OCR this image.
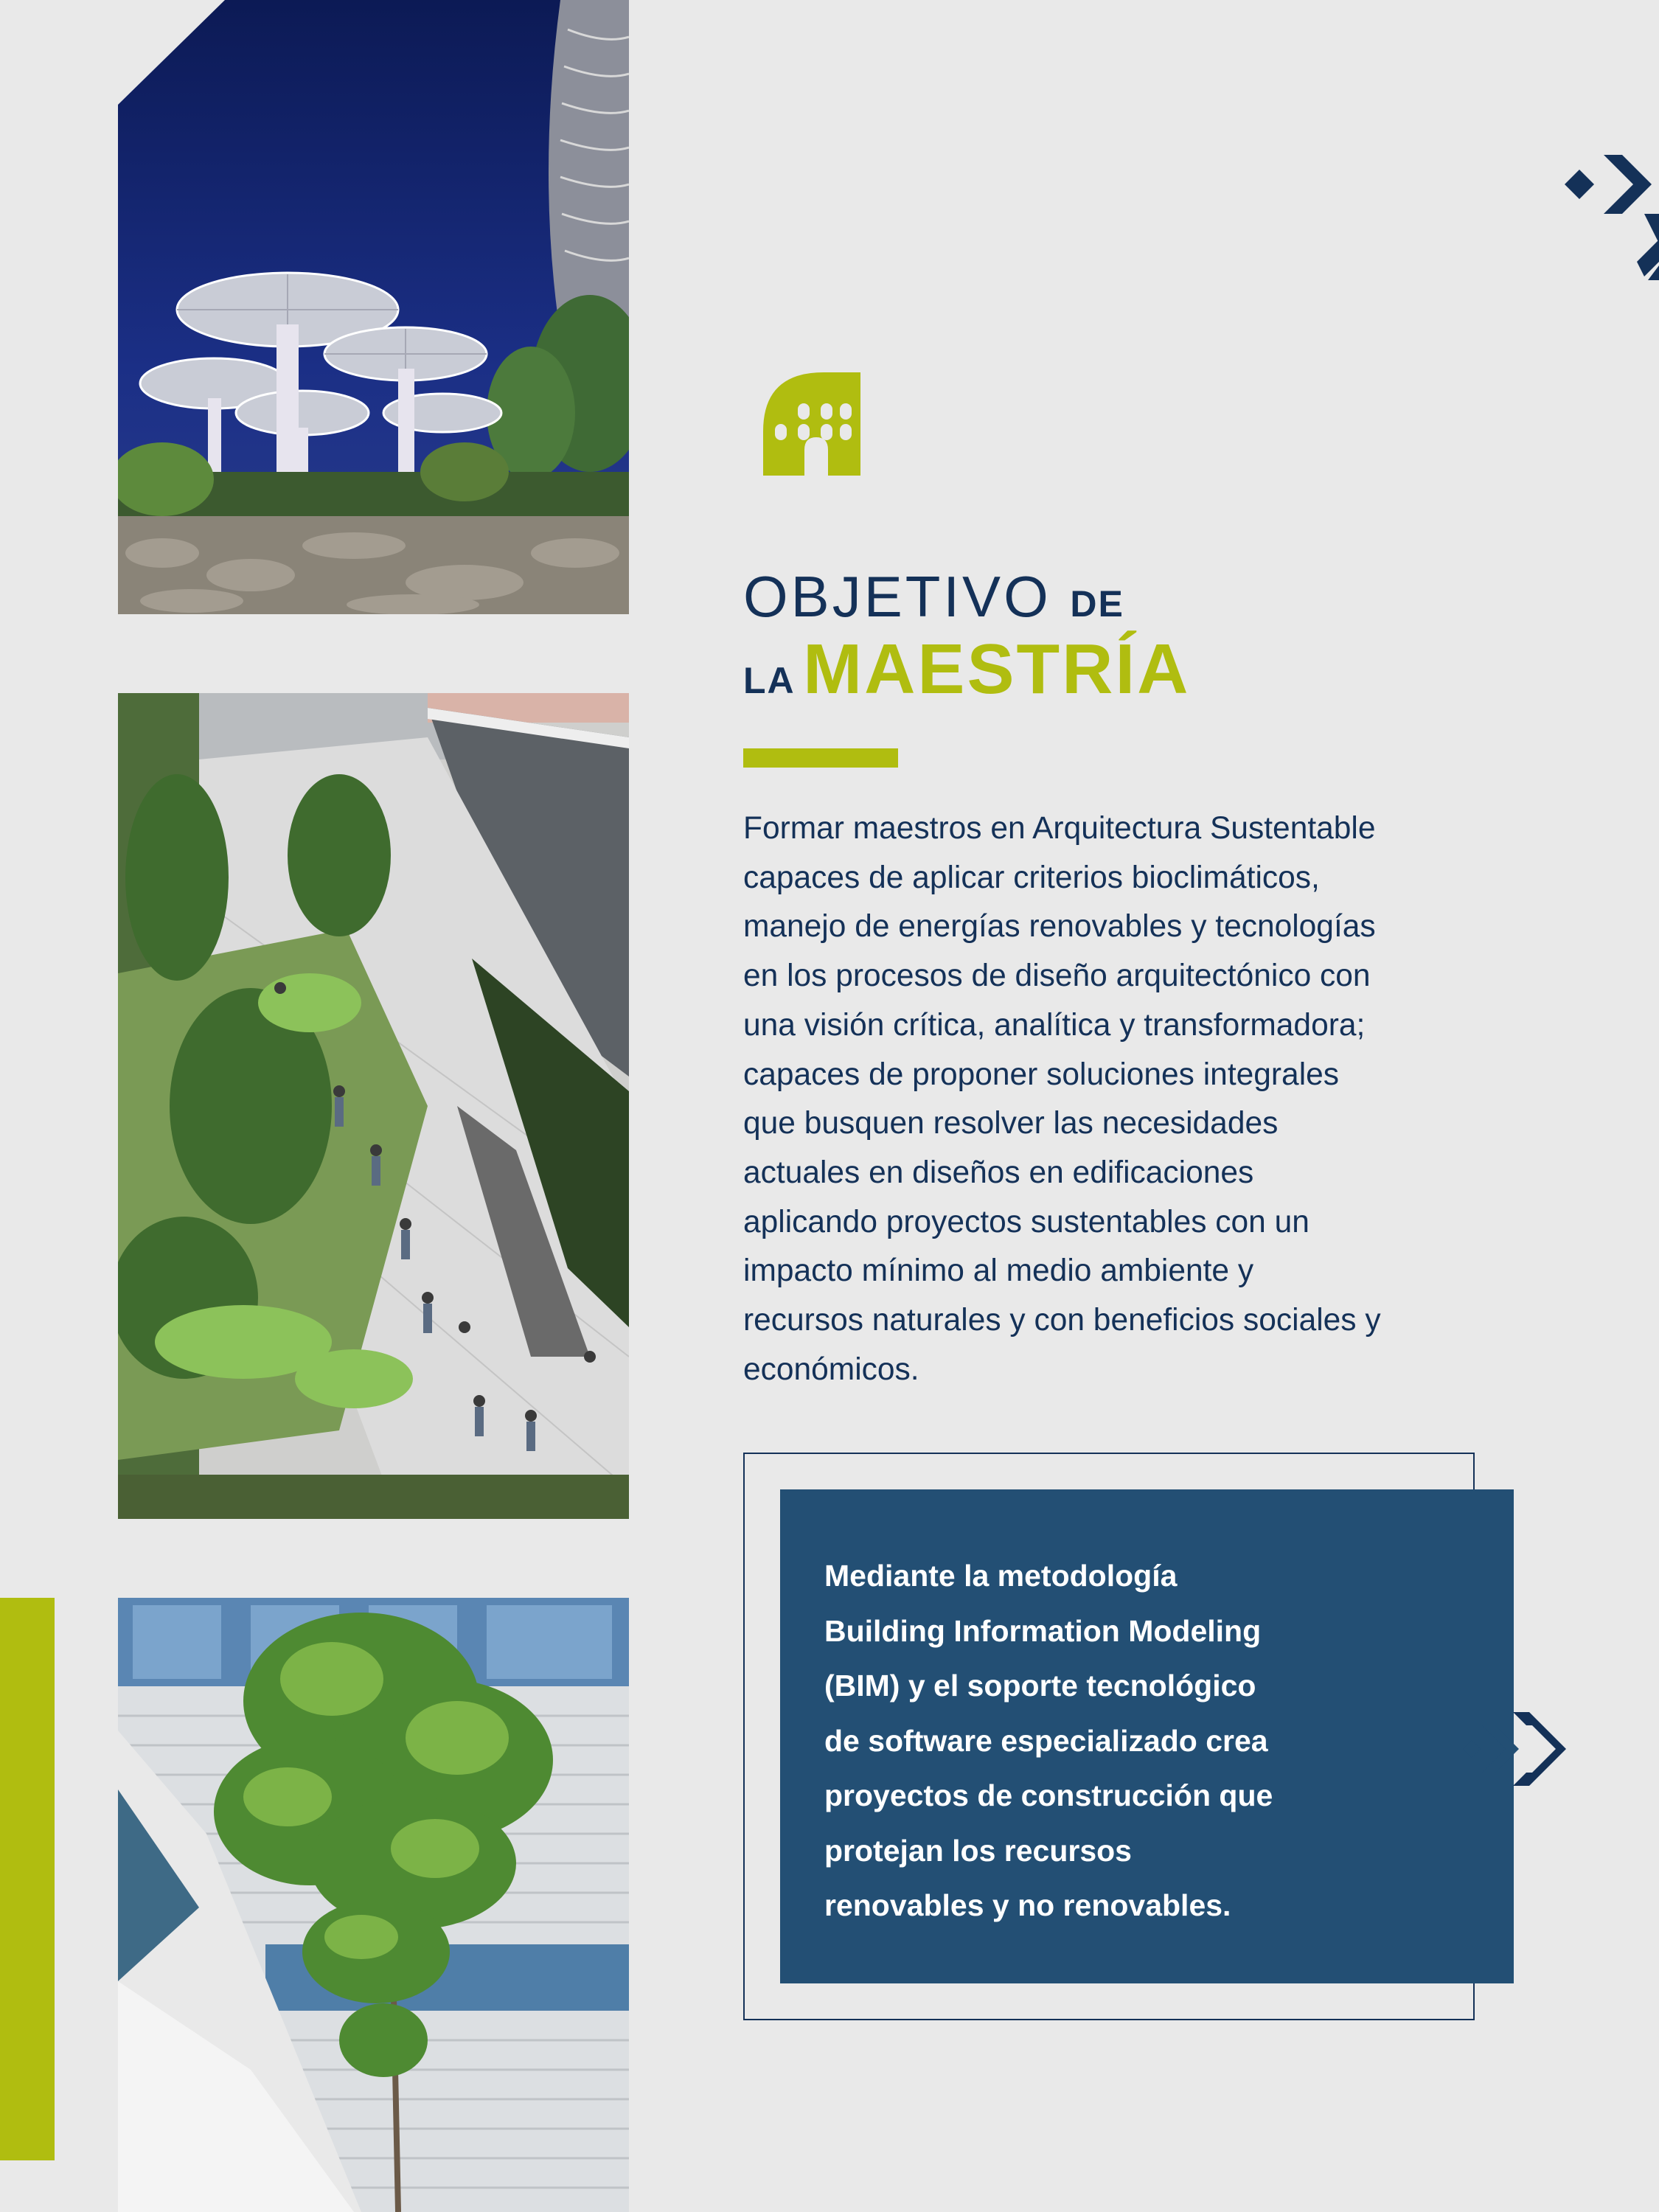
OBJETIVO DE
LA MAESTRÍA

Formar maestros en Arquitectura Sustentable
capaces de aplicar criterios bioclimáticos,
manejo de energías renovables y tecnologías
en los procesos de diseño arquitectónico con
una visión crítica, analítica y transformadora;
capaces de proponer soluciones integrales
que busquen resolver las necesidades
actuales en diseños en edificaciones
aplicando proyectos sustentables con un
impacto mínimo al medio ambiente y
recursos naturales y con beneficios sociales y
económicos.

Mediante la metodología
Building Information Modeling
(BIM) y el soporte tecnológico
de software especializado crea
proyectos de construcción que
protejan los recursos
renovables y no renovables.
